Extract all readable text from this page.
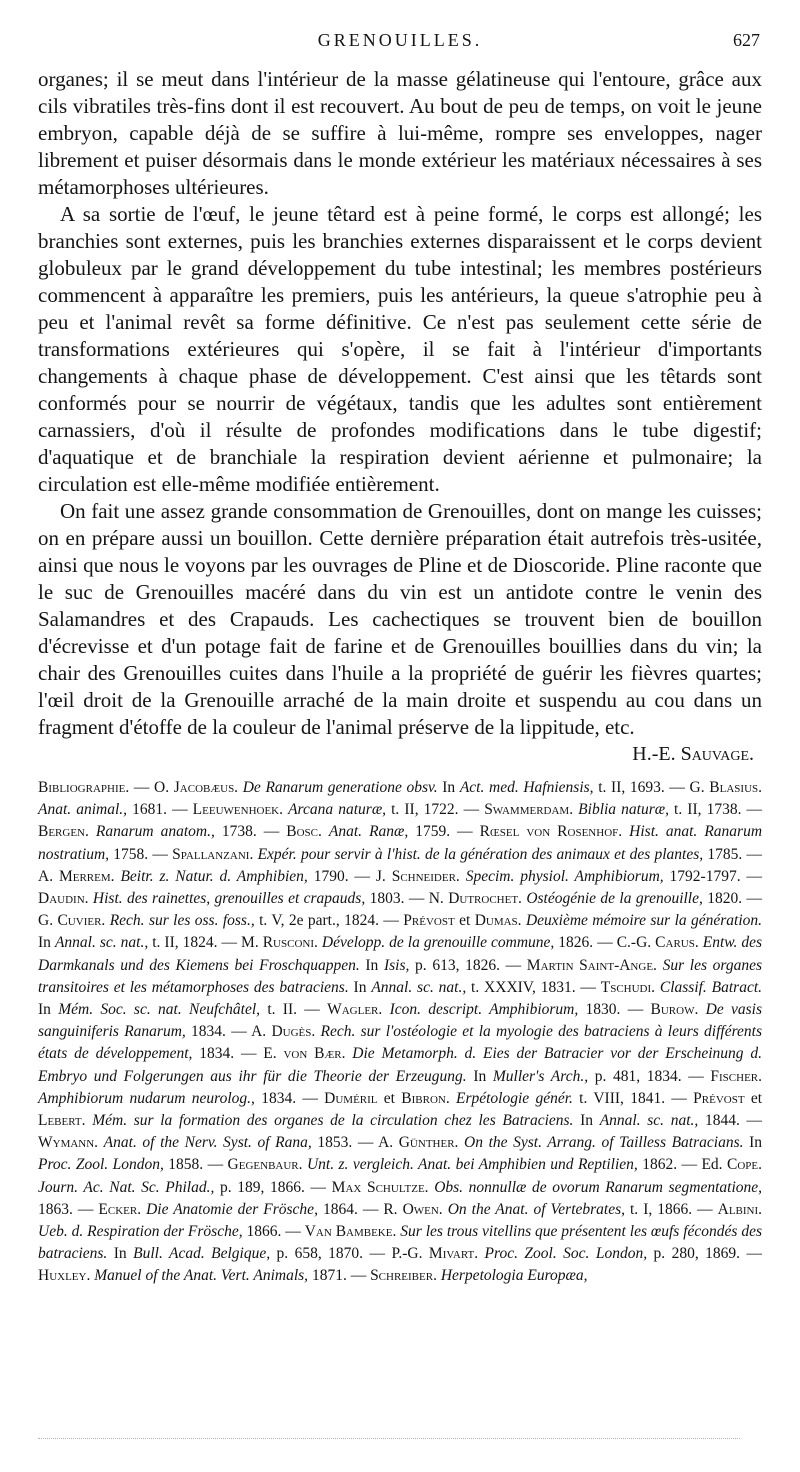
GRENOUILLES.	627

organes; il se meut dans l'intérieur de la masse gélatineuse qui l'entoure, grâce aux cils vibratiles très-fins dont il est recouvert. Au bout de peu de temps, on voit le jeune embryon, capable déjà de se suffire à lui-même, rompre ses enveloppes, nager librement et puiser désormais dans le monde extérieur les matériaux nécessaires à ses métamorphoses ultérieures.

A sa sortie de l'œuf, le jeune têtard est à peine formé, le corps est allongé; les branchies sont externes, puis les branchies externes disparaissent et le corps devient globuleux par le grand développement du tube intestinal; les membres postérieurs commencent à apparaître les premiers, puis les antérieurs, la queue s'atrophie peu à peu et l'animal revêt sa forme définitive. Ce n'est pas seulement cette série de transformations extérieures qui s'opère, il se fait à l'intérieur d'importants changements à chaque phase de développement. C'est ainsi que les têtards sont conformés pour se nourrir de végétaux, tandis que les adultes sont entièrement carnassiers, d'où il résulte de profondes modifications dans le tube digestif; d'aquatique et de branchiale la respiration devient aérienne et pulmonaire; la circulation est elle-même modifiée entièrement.

On fait une assez grande consommation de Grenouilles, dont on mange les cuisses; on en prépare aussi un bouillon. Cette dernière préparation était autrefois très-usitée, ainsi que nous le voyons par les ouvrages de Pline et de Dioscoride. Pline raconte que le suc de Grenouilles macéré dans du vin est un antidote contre le venin des Salamandres et des Crapauds. Les cachectiques se trouvent bien de bouillon d'écrevisse et d'un potage fait de farine et de Grenouilles bouillies dans du vin; la chair des Grenouilles cuites dans l'huile a la propriété de guérir les fièvres quartes; l'œil droit de la Grenouille arraché de la main droite et suspendu au cou dans un fragment d'étoffe de la couleur de l'animal préserve de la lippitude, etc.
H.-E. Sauvage.

Bibliographie. — O. Jacobæus. De Ranarum generatione obsv. In Act. med. Hafniensis, t. II, 1693. — G. Blasius. Anat. animal., 1681. — Leeuwenhoek. Arcana naturæ, t. II, 1722. — Swammerdam. Biblia naturæ, t. II, 1738. — Bergen. Ranarum anatom., 1738. — Bosc. Anat. Ranæ, 1759. — Rœsel von Rosenhof. Hist. anat. Ranarum nostratium, 1758. — Spallanzani. Expér. pour servir à l'hist. de la génération des animaux et des plantes, 1785. — A. Merrem. Beitr. z. Natur. d. Amphibien, 1790. — J. Schneider. Specim. physiol. Amphibiorum, 1792-1797. — Daudin. Hist. des rainettes, grenouilles et crapauds, 1803. — N. Dutrochet. Ostéogénie de la grenouille, 1820. — G. Cuvier. Rech. sur les oss. foss., t. V, 2e part., 1824. — Prévost et Dumas. Deuxième mémoire sur la génération. In Annal. sc. nat., t. II, 1824. — M. Rusconi. Développ. de la grenouille commune, 1826. — C.-G. Carus. Entw. des Darmkanals und des Kiemens bei Froschquappen. In Isis, p. 613, 1826. — Martin Saint-Ange. Sur les organes transitoires et les métamorphoses des batraciens. In Annal. sc. nat., t. XXXIV, 1831. — Tschudi. Classif. Batract. In Mém. Soc. sc. nat. Neufchâtel, t. II. — Wagler. Icon. descript. Amphibiorum, 1830. — Burow. De vasis sanguiniferis Ranarum, 1834. — A. Dugès. Rech. sur l'ostéologie et la myologie des batraciens à leurs différents états de développement, 1834. — E. von Bær. Die Metamorph. d. Eies der Batracier vor der Erscheinung d. Embryo und Folgerungen aus ihr für die Theorie der Erzeugung. In Muller's Arch., p. 481, 1834. — Fischer. Amphibiorum nudarum neurolog., 1834. — Duméril et Bibron. Erpétologie génér. t. VIII, 1841. — Prévost et Lebert. Mém. sur la formation des organes de la circulation chez les Batraciens. In Annal. sc. nat., 1844. — Wymann. Anat. of the Nerv. Syst. of Rana, 1853. — A. Günther. On the Syst. Arrang. of Tailless Batracians. In Proc. Zool. London, 1858. — Gegenbaur. Unt. z. vergleich. Anat. bei Amphibien und Reptilien, 1862. — Ed. Cope. Journ. Ac. Nat. Sc. Philad., p. 189, 1866. — Max Schultze. Obs. nonnullæ de ovorum Ranarum segmentatione, 1863. — Ecker. Die Anatomie der Frösche, 1864. — R. Owen. On the Anat. of Vertebrates, t. I, 1866. — Albini. Ueb. d. Respiration der Frösche, 1866. — Van Bambeke. Sur les trous vitellins que présentent les œufs fécondés des batraciens. In Bull. Acad. Belgique, p. 658, 1870. — P.-G. Mivart. Proc. Zool. Soc. London, p. 280, 1869. — Huxley. Manuel of the Anat. Vert. Animals, 1871. — Schreiber. Herpetologia Europæa,
